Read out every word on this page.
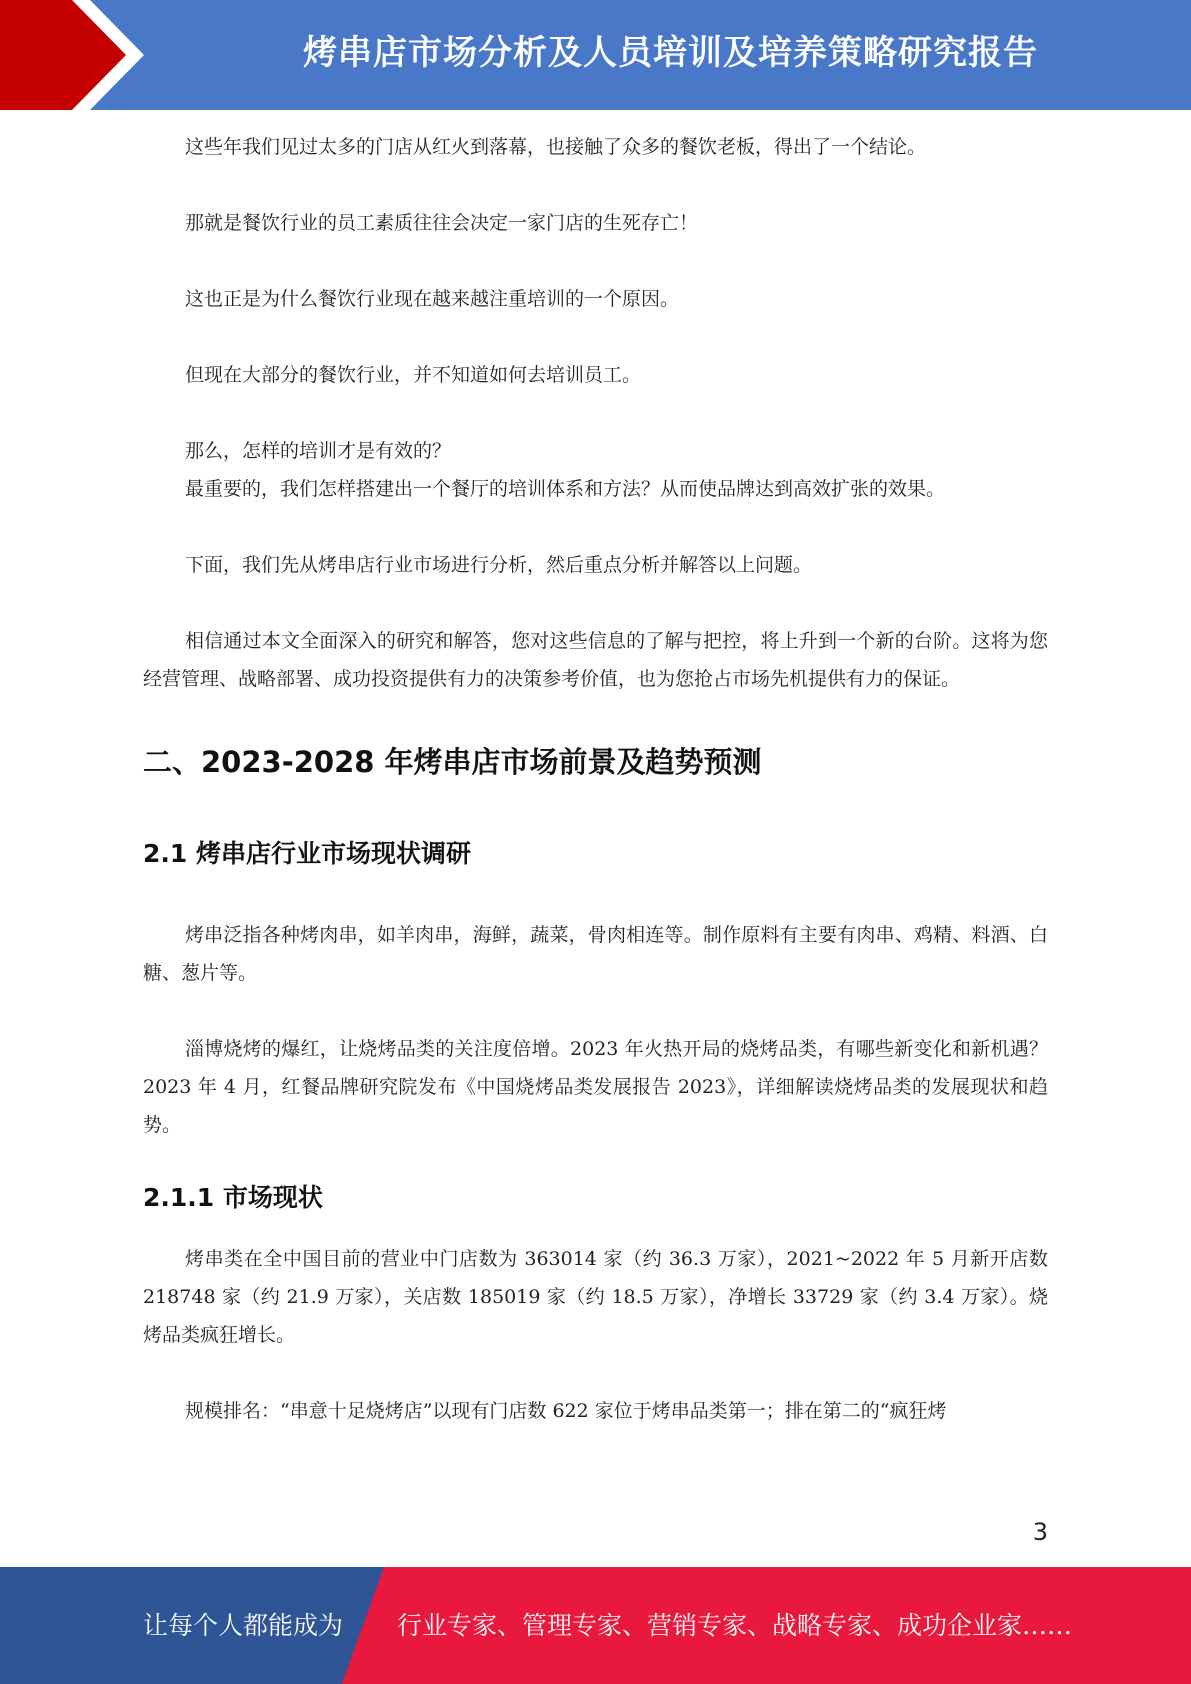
烤串店市场分析及人员培训及培养策略研究报告

这些年我们见过太多的门店从红火到落幕，也接触了众多的餐饮老板，得出了一个结论。

那就是餐饮行业的员工素质往往会决定一家门店的生死存亡！

这也正是为什么餐饮行业现在越来越注重培训的一个原因。

但现在大部分的餐饮行业，并不知道如何去培训员工。

那么，怎样的培训才是有效的？

最重要的，我们怎样搭建出一个餐厅的培训体系和方法？从而使品牌达到高效扩张的效果。

下面，我们先从烤串店行业市场进行分析，然后重点分析并解答以上问题。

相信通过本文全面深入的研究和解答，您对这些信息的了解与把控，将上升到一个新的台阶。这将为您经营管理、战略部署、成功投资提供有力的决策参考价值，也为您抢占市场先机提供有力的保证。

二、2023-2028 年烤串店市场前景及趋势预测
2.1 烤串店行业市场现状调研

烤串泛指各种烤肉串，如羊肉串，海鲜，蔬菜，骨肉相连等。制作原料有主要有肉串、鸡精、料酒、白糖、葱片等。

淄博烧烤的爆红，让烧烤品类的关注度倍增。2023 年火热开局的烧烤品类，有哪些新变化和新机遇？2023 年 4 月，红餐品牌研究院发布《中国烧烤品类发展报告 2023》，详细解读烧烤品类的发展现状和趋势。

2.1.1 市场现状

烤串类在全中国目前的营业中门店数为 363014 家（约 36.3 万家），2021~2022 年 5 月新开店数 218748 家（约 21.9 万家），关店数 185019 家（约 18.5 万家），净增长 33729 家（约 3.4 万家）。烧烤品类疯狂增长。

规模排名：“串意十足烧烤店”以现有门店数 622 家位于烤串品类第一；排在第二的“疯狂烤

3
让每个人都能成为 行业专家、管理专家、营销专家、战略专家、成功企业家……
